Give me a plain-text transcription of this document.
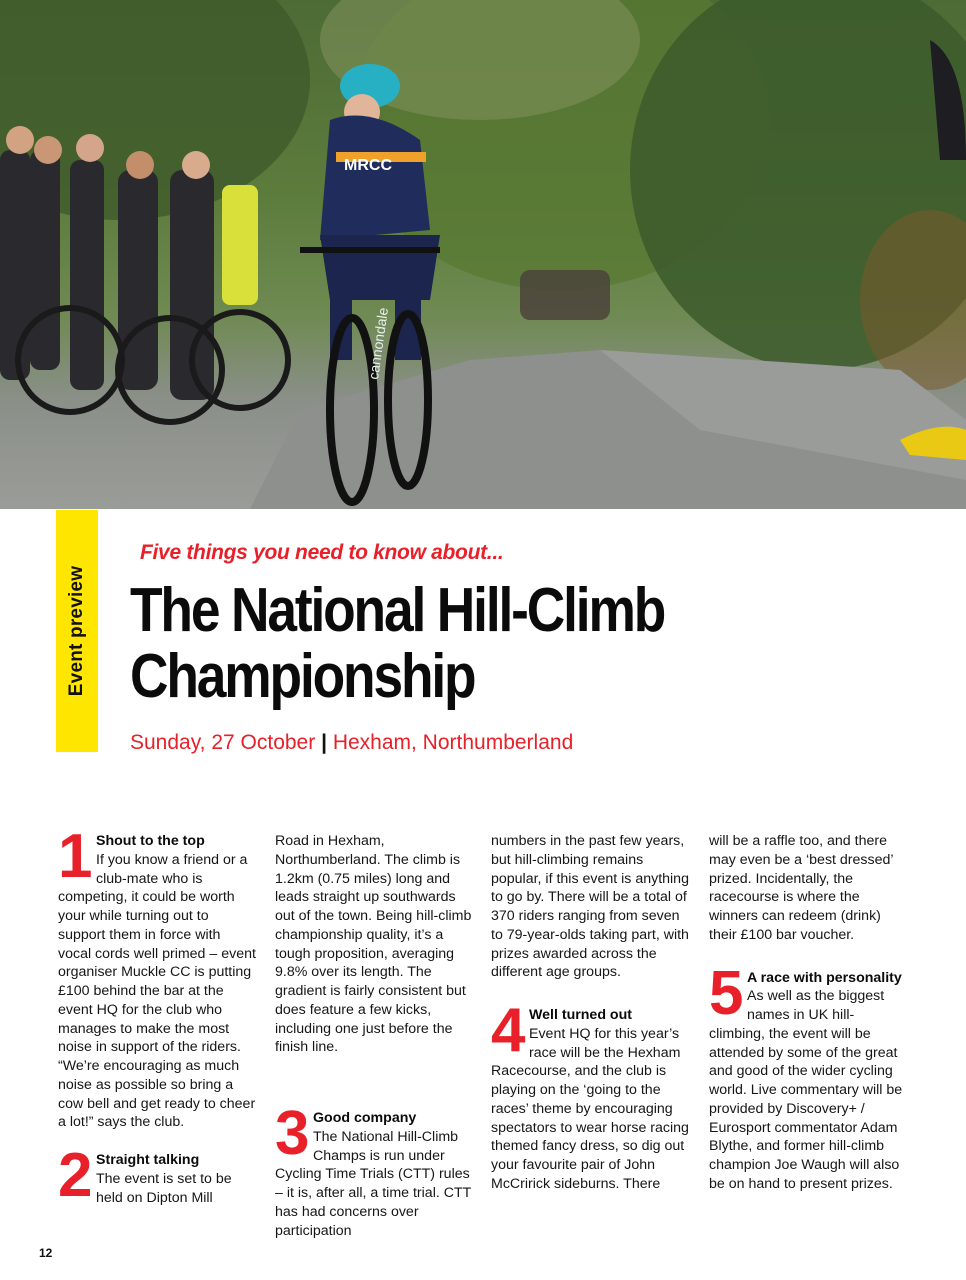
MRCC
cannondale
Event preview

Five things you need to know about...

The National Hill-Climb
Championship

Sunday, 27 October | Hexham, Northumberland

1 Shout to the top

If you know a friend or a club-mate who is competing, it could be worth your while turning out to support them in force with vocal cords well primed – event organiser Muckle CC is putting £100 behind the bar at the event HQ for the club who manages to make the most noise in support of the riders. “We’re encouraging as much noise as possible so bring a cow bell and get ready to cheer a lot!” says the club.

2 Straight talking

The event is set to be held on Dipton Mill

Road in Hexham, Northumberland. The climb is 1.2km (0.75 miles) long and leads straight up southwards out of the town. Being hill-climb championship quality, it’s a tough proposition, averaging 9.8% over its length. The gradient is fairly consistent but does feature a few kicks, including one just before the finish line.

3 Good company

The National Hill-Climb Champs is run under Cycling Time Trials (CTT) rules – it is, after all, a time trial. CTT has had concerns over participation

numbers in the past few years, but hill-climbing remains popular, if this event is anything to go by. There will be a total of 370 riders ranging from seven to 79-year-olds taking part, with prizes awarded across the different age groups.

4 Well turned out

Event HQ for this year’s race will be the Hexham Racecourse, and the club is playing on the ‘going to the races’ theme by encouraging spectators to wear horse racing themed fancy dress, so dig out your favourite pair of John McCririck sideburns. There

will be a raffle too, and there may even be a ‘best dressed’ prized. Incidentally, the racecourse is where the winners can redeem (drink) their £100 bar voucher.

5 A race with personality

As well as the biggest names in UK hill-climbing, the event will be attended by some of the great and good of the wider cycling world. Live commentary will be provided by Discovery+ / Eurosport commentator Adam Blythe, and former hill-climb champion Joe Waugh will also be on hand to present prizes.

12
